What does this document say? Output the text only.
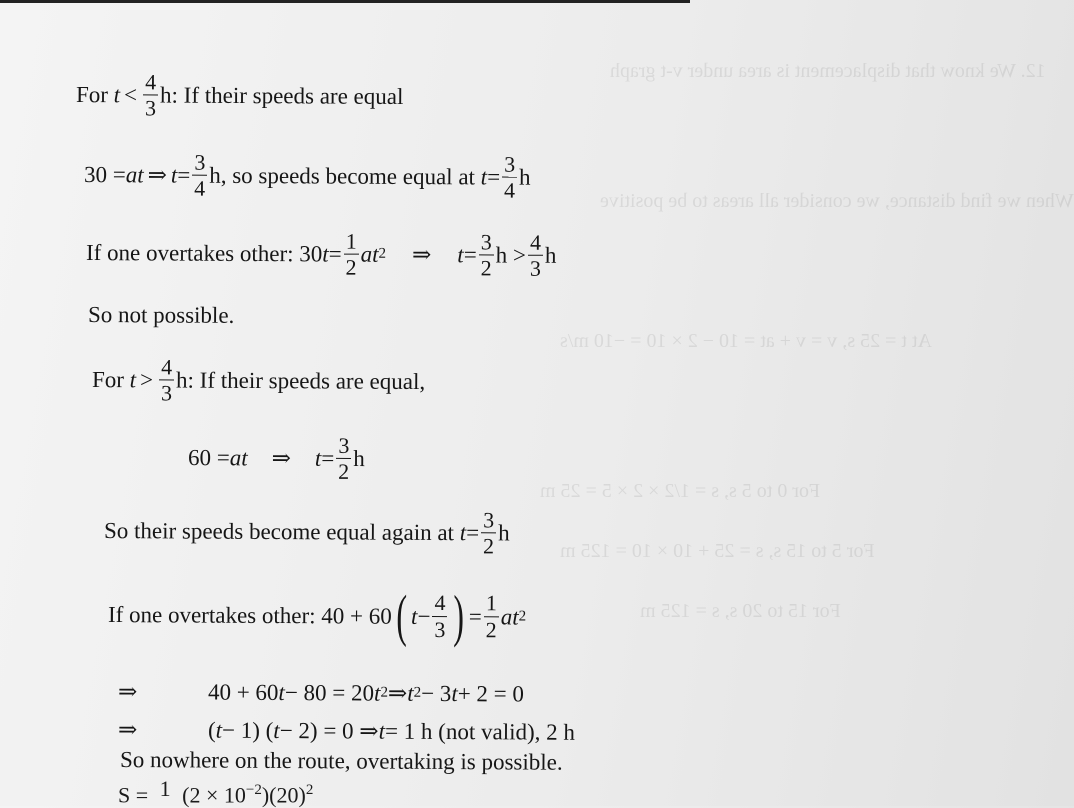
12. We know that displacement is area under v-t graph
When we find distance, we consider all areas to be positive
At t = 25 s, v = v + at = 10 − 2 × 10 = −10 m/s
For 0 to 5 s, s = 1/2 × 2 × 5 = 25 m
For 5 to 15 s, s = 25 + 10 × 10 = 125 m
For 15 to 20 s, s = 125 m
For
$t < \frac{4}{3} h$: If their speeds are equal
30 = at ⇒ $t = \frac{3}{4} h$, so speeds become equal at
$t = \frac{3}{4}$ h
If one overtakes other: 30 $t = \frac{1}{2}$ at 2 ⇒ $t = \frac{3}{2}$ $h > \frac{4}{3}$ h
So not possible.
For
$t > \frac{4}{3} h$: If their speeds are equal,
60 = at ⇒ $t = \frac{3}{2}$ h
So their speeds become equal again at
$t = \frac{3}{2}$ h
If one overtakes other: 40 + 60 ( $t - \frac{4}{3}$ ) = $\frac{1}{2}$ at 2
⇒	40 + 60 t − 80 = 20 t 2 ⇒ t 2 − 3 t + 2 = 0
⇒	( t − 1) ( t − 2) = 0 ⇒ t = 1 h (not valid), 2 h
So nowhere on the route, overtaking is possible.
S = 1 $(2 \times 10^{-2})(20)^2$
